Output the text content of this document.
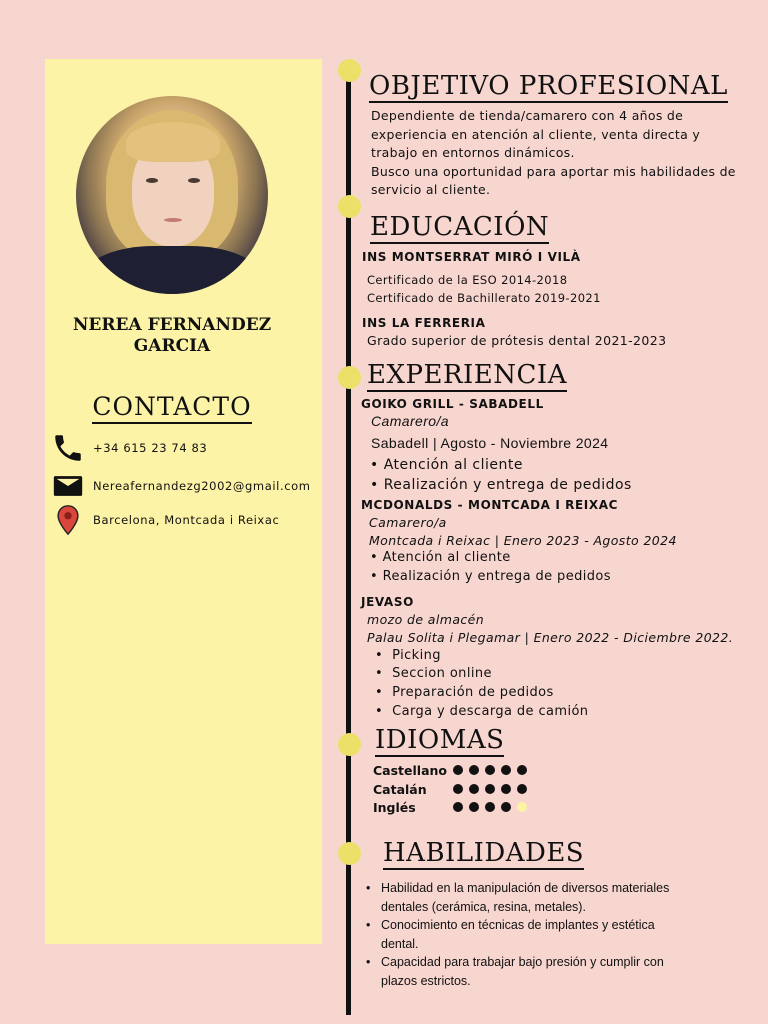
NEREA FERNANDEZ
GARCIA
CONTACTO
+34 615 23 74 83
Nereafernandezg2002@gmail.com
Barcelona, Montcada i Reixac
OBJETIVO PROFESIONAL
Dependiente de tienda/camarero con 4 años de
experiencia en atención al cliente, venta directa y
trabajo en entornos dinámicos.
Busco una oportunidad para aportar mis habilidades de
servicio al cliente.
EDUCACIÓN
INS MONTSERRAT MIRÓ I VILÀ
Certificado de la ESO 2014-2018
Certificado de Bachillerato 2019-2021
INS LA FERRERIA
Grado superior de prótesis dental 2021-2023
EXPERIENCIA
GOIKO GRILL - SABADELL
Camarero/a
Sabadell | Agosto - Noviembre 2024
• Atención al cliente
• Realización y entrega de pedidos
MCDONALDS - MONTCADA I REIXAC
Camarero/a
Montcada i Reixac | Enero 2023 - Agosto 2024
• Atención al cliente
• Realización y entrega de pedidos
JEVASO
mozo de almacén
Palau Solita i Plegamar | Enero 2022 - Diciembre 2022.
•  Picking
•  Seccion online
•  Preparación de pedidos
•  Carga y descarga de camión
IDIOMAS
Castellano
Catalán
Inglés
HABILIDADES
• Habilidad en la manipulación de diversos materiales
dentales (cerámica, resina, metales).
• Conocimiento en técnicas de implantes y estética
dental.
• Capacidad para trabajar bajo presión y cumplir con
plazos estrictos.
